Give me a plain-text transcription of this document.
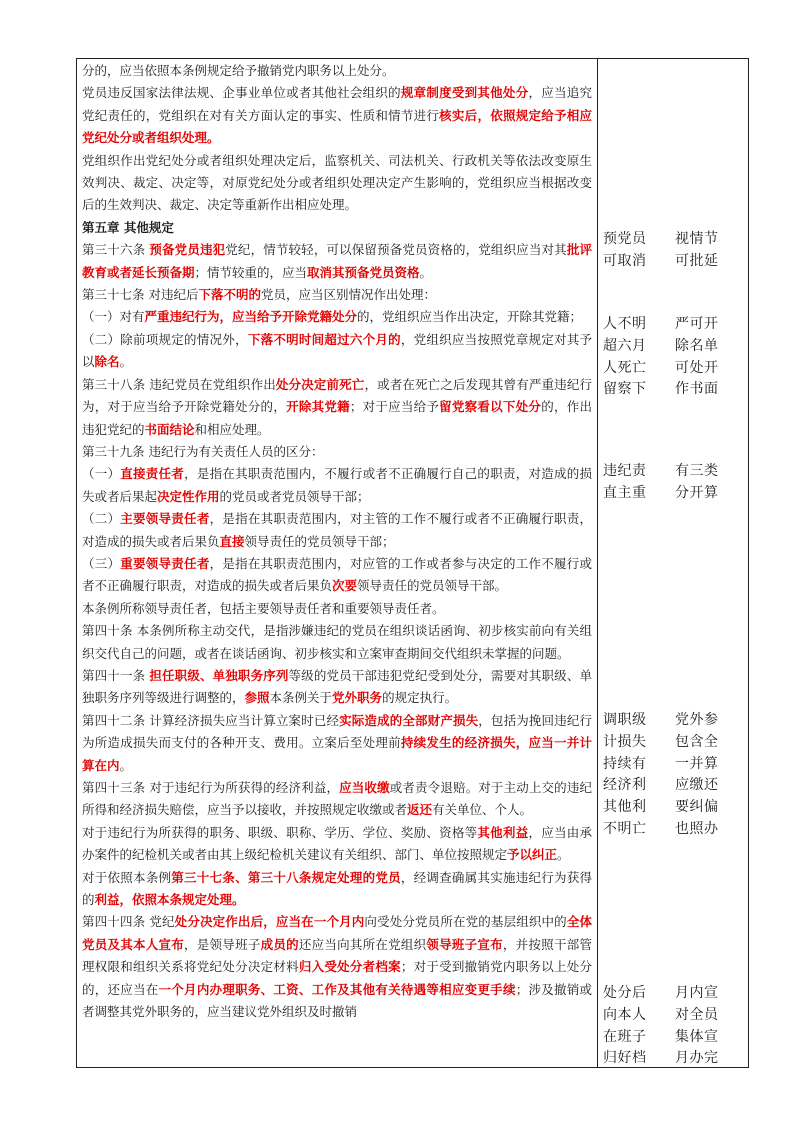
分的，应当依照本条例规定给予撤销党内职务以上处分。

党员违反国家法律法规、企事业单位或者其他社会组织的规章制度受到其他处分，应当追究党纪责任的，党组织在对有关方面认定的事实、性质和情节进行核实后，依照规定给予相应党纪处分或者组织处理。

党组织作出党纪处分或者组织处理决定后，监察机关、司法机关、行政机关等依法改变原生效判决、裁定、决定等，对原党纪处分或者组织处理决定产生影响的，党组织应当根据改变后的生效判决、裁定、决定等重新作出相应处理。

第五章 其他规定

第三十六条 预备党员违犯党纪，情节较轻，可以保留预备党员资格的，党组织应当对其批评教育或者延长预备期；情节较重的，应当取消其预备党员资格。

第三十七条 对违纪后下落不明的党员，应当区别情况作出处理：

（一）对有严重违纪行为，应当给予开除党籍处分的，党组织应当作出决定，开除其党籍；

（二）除前项规定的情况外，下落不明时间超过六个月的，党组织应当按照党章规定对其予以除名。

第三十八条 违纪党员在党组织作出处分决定前死亡，或者在死亡之后发现其曾有严重违纪行为，对于应当给予开除党籍处分的，开除其党籍；对于应当给予留党察看以下处分的，作出违犯党纪的书面结论和相应处理。

第三十九条 违纪行为有关责任人员的区分：

（一）直接责任者，是指在其职责范围内，不履行或者不正确履行自己的职责，对造成的损失或者后果起决定性作用的党员或者党员领导干部；

（二）主要领导责任者，是指在其职责范围内，对主管的工作不履行或者不正确履行职责，对造成的损失或者后果负直接领导责任的党员领导干部；

（三）重要领导责任者，是指在其职责范围内，对应管的工作或者参与决定的工作不履行或者不正确履行职责，对造成的损失或者后果负次要领导责任的党员领导干部。

本条例所称领导责任者，包括主要领导责任者和重要领导责任者。

第四十条 本条例所称主动交代，是指涉嫌违纪的党员在组织谈话函询、初步核实前向有关组织交代自己的问题，或者在谈话函询、初步核实和立案审查期间交代组织未掌握的问题。

第四十一条 担任职级、单独职务序列等级的党员干部违犯党纪受到处分，需要对其职级、单独职务序列等级进行调整的，参照本条例关于党外职务的规定执行。

第四十二条 计算经济损失应当计算立案时已经实际造成的全部财产损失，包括为挽回违纪行为所造成损失而支付的各种开支、费用。立案后至处理前持续发生的经济损失，应当一并计算在内。

第四十三条 对于违纪行为所获得的经济利益，应当收缴或者责令退赔。对于主动上交的违纪所得和经济损失赔偿，应当予以接收，并按照规定收缴或者返还有关单位、个人。

对于违纪行为所获得的职务、职级、职称、学历、学位、奖励、资格等其他利益，应当由承办案件的纪检机关或者由其上级纪检机关建议有关组织、部门、单位按照规定予以纠正。

对于依照本条例第三十七条、第三十八条规定处理的党员，经调查确属其实施违纪行为获得的利益，依照本条规定处理。

第四十四条 党纪处分决定作出后，应当在一个月内向受处分党员所在党的基层组织中的全体党员及其本人宣布，是领导班子成员的还应当向其所在党组织领导班子宣布，并按照干部管理权限和组织关系将党纪处分决定材料归入受处分者档案；对于受到撤销党内职务以上处分的，还应当在一个月内办理职务、工资、工作及其他有关待遇等相应变更手续；涉及撤销或者调整其党外职务的，应当建议党外组织及时撤销

预党员	视情节
可取消	可批延
人不明	严可开
超六月	除名单
人死亡	可处开
留察下	作书面
违纪责	有三类
直主重	分开算
调职级	党外参
计损失	包含全
持续有	一并算
经济利	应缴还
其他利	要纠偏
不明亡	也照办
处分后	月内宣
向本人	对全员
在班子	集体宣
归好档	月办完
